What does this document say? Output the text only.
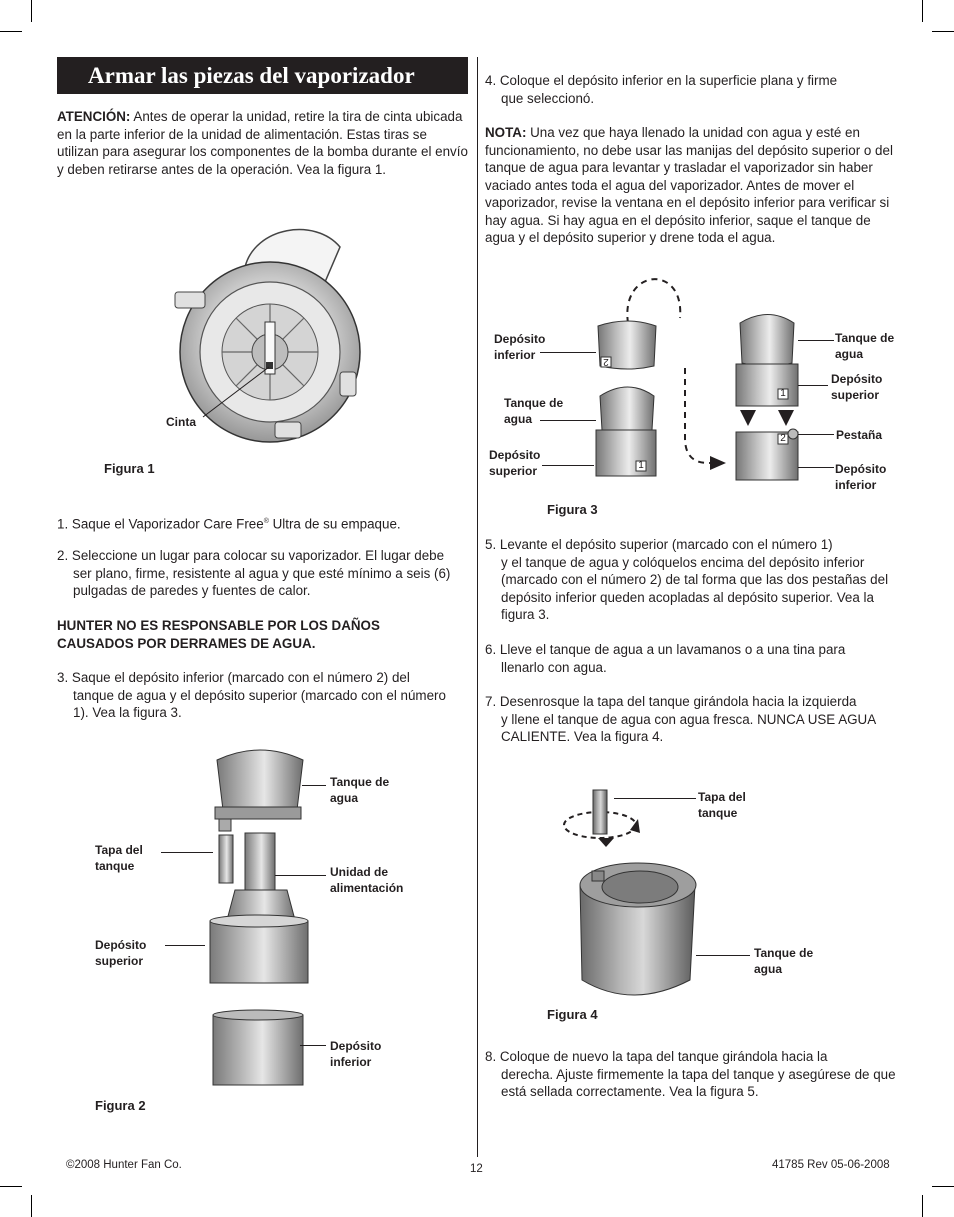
Armar las piezas del vaporizador

ATENCIÓN: Antes de operar la unidad, retire la tira de cinta ubicada en la parte inferior de la unidad de alimentación. Estas tiras se utilizan para asegurar los componentes de la bomba durante el envío y deben retirarse antes de la operación. Vea la figura 1.

Cinta
Figura 1

1. Saque el Vaporizador Care Free® Ultra de su empaque.

2. Seleccione un lugar para colocar su vaporizador. El lugar debe
ser plano, firme, resistente al agua y que esté mínimo a seis (6) pulgadas de paredes y fuentes de calor.

HUNTER NO ES RESPONSABLE POR LOS DAÑOS CAUSADOS POR DERRAMES DE AGUA.

3. Saque el depósito inferior (marcado con el número 2) del
tanque de agua y el depósito superior (marcado con el número 1). Vea la figura 3.

Tanque de agua
Tapa del tanque	Unidad de alimentación
Depósito superior
Depósito inferior
Figura 2

4. Coloque el depósito inferior en la superficie plana y firme
que seleccionó.

NOTA: Una vez que haya llenado la unidad con agua y esté en funcionamiento, no debe usar las manijas del depósito superior o del tanque de agua para levantar y trasladar el vaporizador sin haber vaciado antes toda el agua del vaporizador. Antes de mover el vaporizador, revise la ventana en el depósito inferior para verificar si hay agua. Si hay agua en el depósito inferior, saque el tanque de agua y el depósito superior y drene toda el agua.

2
1
1
2
Depósito inferior
Tanque de agua
Depósito superior
Tanque de agua
Depósito superior
Pestaña
Depósito inferior
Figura 3

5. Levante el depósito superior (marcado con el número 1)
y el tanque de agua y colóquelos encima del depósito inferior (marcado con el número 2) de tal forma que las dos pestañas del depósito inferior queden acopladas al depósito superior. Vea la figura 3.

6. Lleve el tanque de agua a un lavamanos o a una tina para
llenarlo con agua.

7. Desenrosque la tapa del tanque girándola hacia la izquierda
y llene el tanque de agua con agua fresca. NUNCA USE AGUA CALIENTE. Vea la figura 4.

Tapa del tanque
Tanque de agua
Figura 4

8. Coloque de nuevo la tapa del tanque girándola hacia la
derecha. Ajuste firmemente la tapa del tanque y asegúrese de que está sellada correctamente. Vea la figura 5.

©2008 Hunter Fan Co.	12	41785 Rev 05-06-2008
